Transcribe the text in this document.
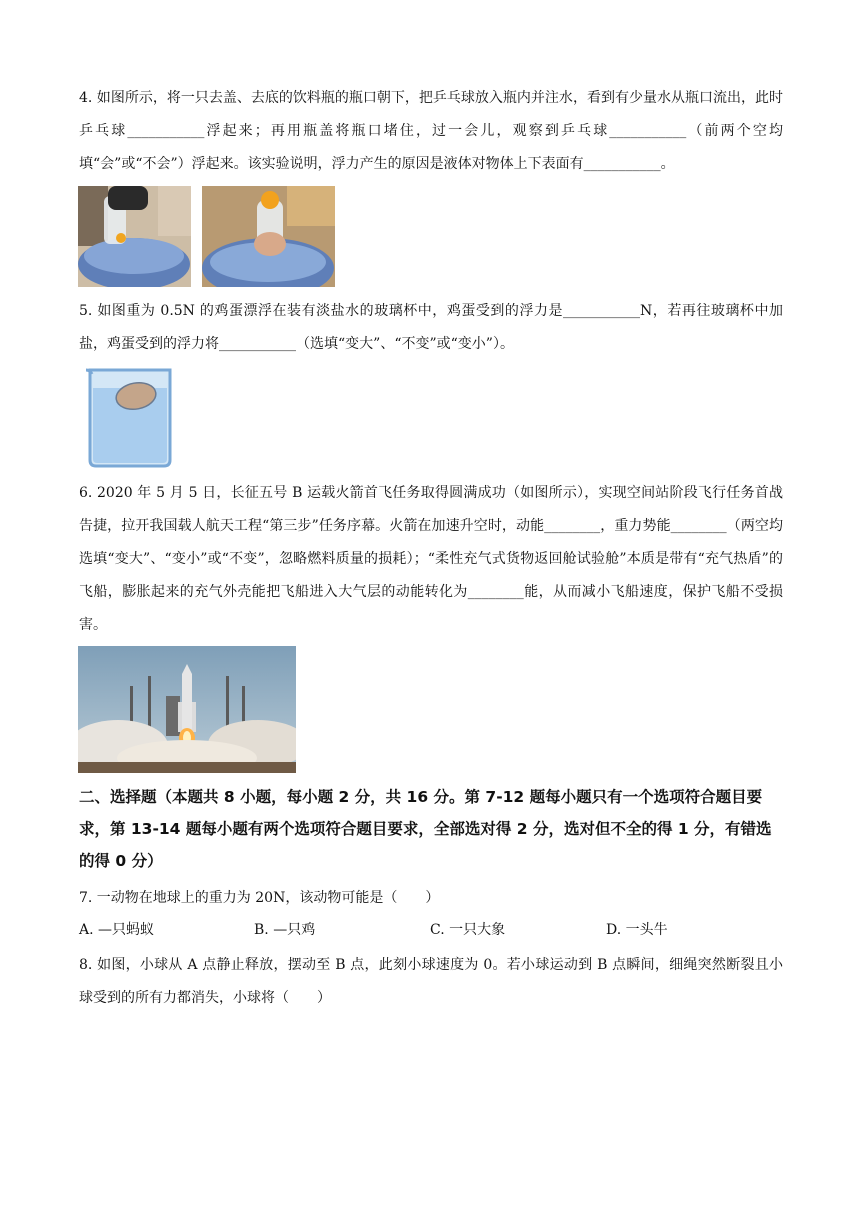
4. 如图所示，将一只去盖、去底的饮料瓶的瓶口朝下，把乒乓球放入瓶内并注水，看到有少量水从瓶口流出，此时乒乓球___________浮起来；再用瓶盖将瓶口堵住，过一会儿，观察到乒乓球___________（前两个空均填“会”或“不会”）浮起来。该实验说明，浮力产生的原因是液体对物体上下表面有___________。
5. 如图重为 0.5N 的鸡蛋漂浮在装有淡盐水的玻璃杯中，鸡蛋受到的浮力是___________N，若再往玻璃杯中加盐，鸡蛋受到的浮力将___________（选填“变大”、“不变”或“变小”）。
6. 2020 年 5 月 5 日，长征五号 B 运载火箭首飞任务取得圆满成功（如图所示），实现空间站阶段飞行任务首战告捷，拉开我国载人航天工程“第三步”任务序幕。火箭在加速升空时，动能________，重力势能________（两空均选填“变大”、“变小”或“不变”，忽略燃料质量的损耗）；“柔性充气式货物返回舱试验舱”本质是带有“充气热盾”的飞船，膨胀起来的充气外壳能把飞船进入大气层的动能转化为________能，从而减小飞船速度，保护飞船不受损害。
二、选择题（本题共 8 小题，每小题 2 分，共 16 分。第 7-12 题每小题只有一个选项符合题目要求，第 13-14 题每小题有两个选项符合题目要求，全部选对得 2 分，选对但不全的得 1 分，有错选的得 0 分）
7. 一动物在地球上的重力为 20N，该动物可能是（　　）
A. —只蚂蚁	B. —只鸡	C. 一只大象	D. 一头牛
8. 如图，小球从 A 点静止释放，摆动至 B 点，此刻小球速度为 0。若小球运动到 B 点瞬间，细绳突然断裂且小球受到的所有力都消失，小球将（　　）
